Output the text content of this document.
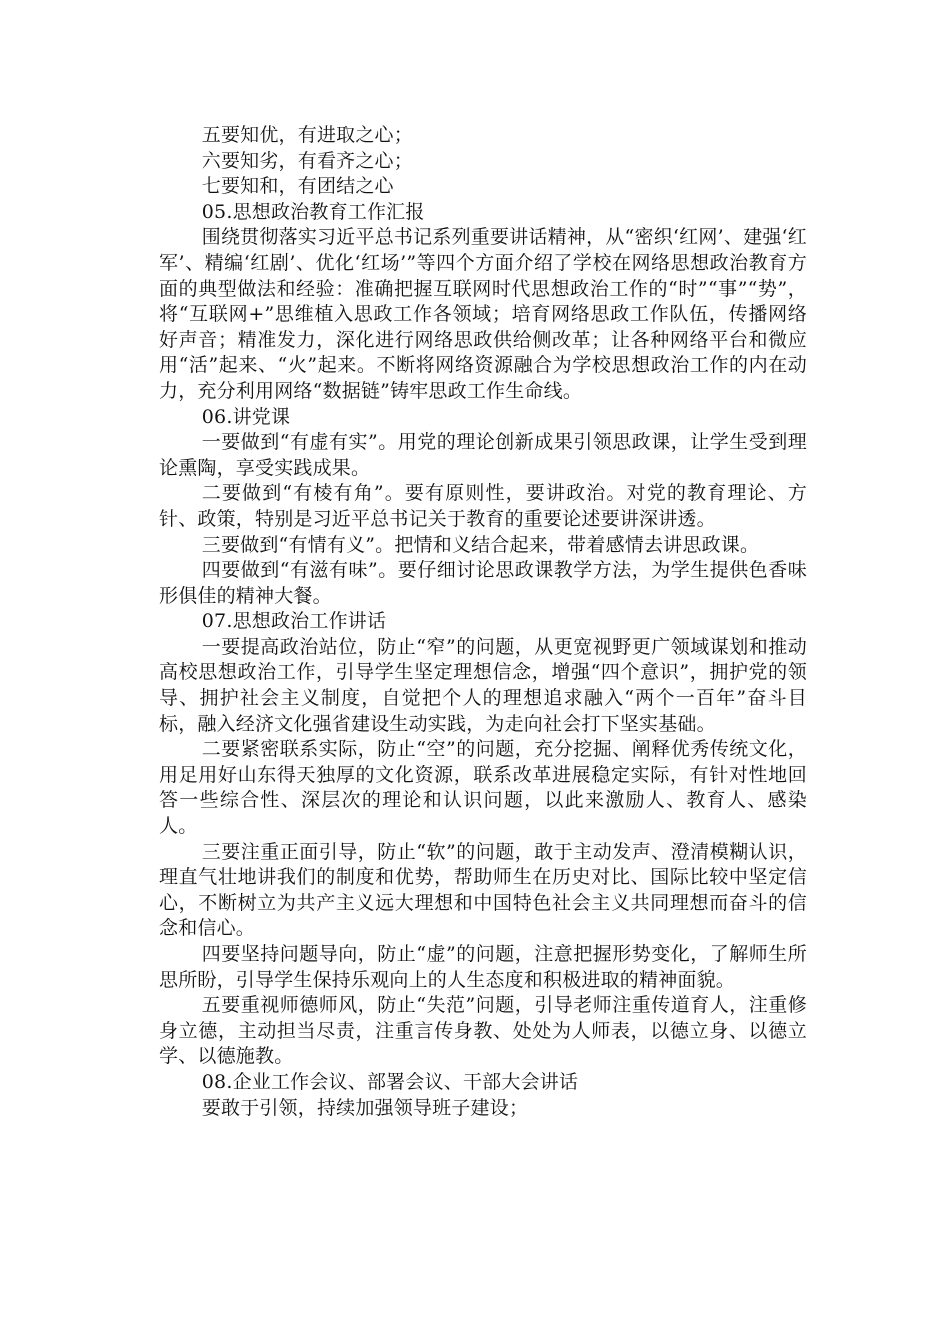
五要知优，有进取之心；

六要知劣，有看齐之心；

七要知和，有团结之心

05.思想政治教育工作汇报

围绕贯彻落实习近平总书记系列重要讲话精神，从“密织‘红网’、建强‘红军’、精编‘红剧’、优化‘红场’”等四个方面介绍了学校在网络思想政治教育方面的典型做法和经验：准确把握互联网时代思想政治工作的“时”“事”“势”，将“互联网+”思维植入思政工作各领域；培育网络思政工作队伍，传播网络好声音；精准发力，深化进行网络思政供给侧改革；让各种网络平台和微应用“活”起来、“火”起来。不断将网络资源融合为学校思想政治工作的内在动力，充分利用网络“数据链”铸牢思政工作生命线。

06.讲党课

一要做到“有虚有实”。用党的理论创新成果引领思政课，让学生受到理论熏陶，享受实践成果。

二要做到“有棱有角”。要有原则性，要讲政治。对党的教育理论、方针、政策，特别是习近平总书记关于教育的重要论述要讲深讲透。

三要做到“有情有义”。把情和义结合起来，带着感情去讲思政课。

四要做到“有滋有味”。要仔细讨论思政课教学方法，为学生提供色香味形俱佳的精神大餐。

07.思想政治工作讲话

一要提高政治站位，防止“窄”的问题，从更宽视野更广领域谋划和推动高校思想政治工作，引导学生坚定理想信念，增强“四个意识”，拥护党的领导、拥护社会主义制度，自觉把个人的理想追求融入“两个一百年”奋斗目标，融入经济文化强省建设生动实践，为走向社会打下坚实基础。

二要紧密联系实际，防止“空”的问题，充分挖掘、阐释优秀传统文化，用足用好山东得天独厚的文化资源，联系改革进展稳定实际，有针对性地回答一些综合性、深层次的理论和认识问题，以此来激励人、教育人、感染人。

三要注重正面引导，防止“软”的问题，敢于主动发声、澄清模糊认识，理直气壮地讲我们的制度和优势，帮助师生在历史对比、国际比较中坚定信心，不断树立为共产主义远大理想和中国特色社会主义共同理想而奋斗的信念和信心。

四要坚持问题导向，防止“虚”的问题，注意把握形势变化，了解师生所思所盼，引导学生保持乐观向上的人生态度和积极进取的精神面貌。

五要重视师德师风，防止“失范”问题，引导老师注重传道育人，注重修身立德，主动担当尽责，注重言传身教、处处为人师表，以德立身、以德立学、以德施教。

08.企业工作会议、部署会议、干部大会讲话

要敢于引领，持续加强领导班子建设；
